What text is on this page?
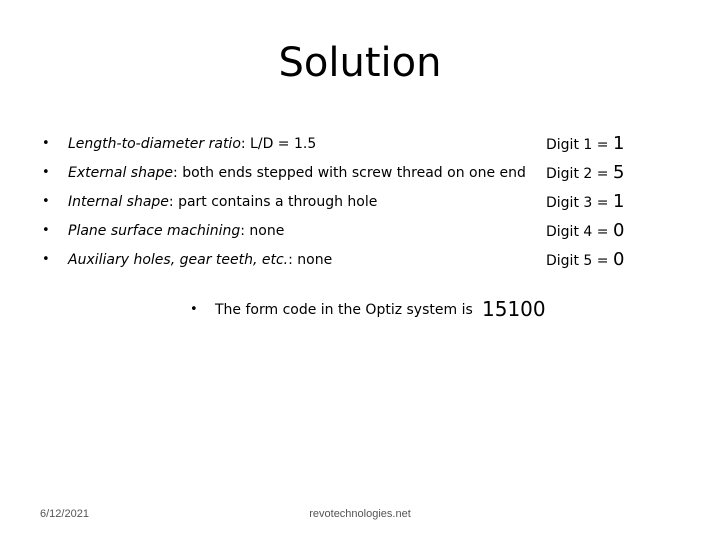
Solution
• Length-to-diameter ratio: L/D = 1.5	Digit 1 = 1
• External shape: both ends stepped with screw thread on one end Digit 2 = 5
• Internal shape: part contains a through hole	Digit 3 = 1
• Plane surface machining: none	Digit 4 = 0
• Auxiliary holes, gear teeth, etc.: none	Digit 5 = 0
• The form code in the Optiz system is 15100
6/12/2021	revotechnologies.net
